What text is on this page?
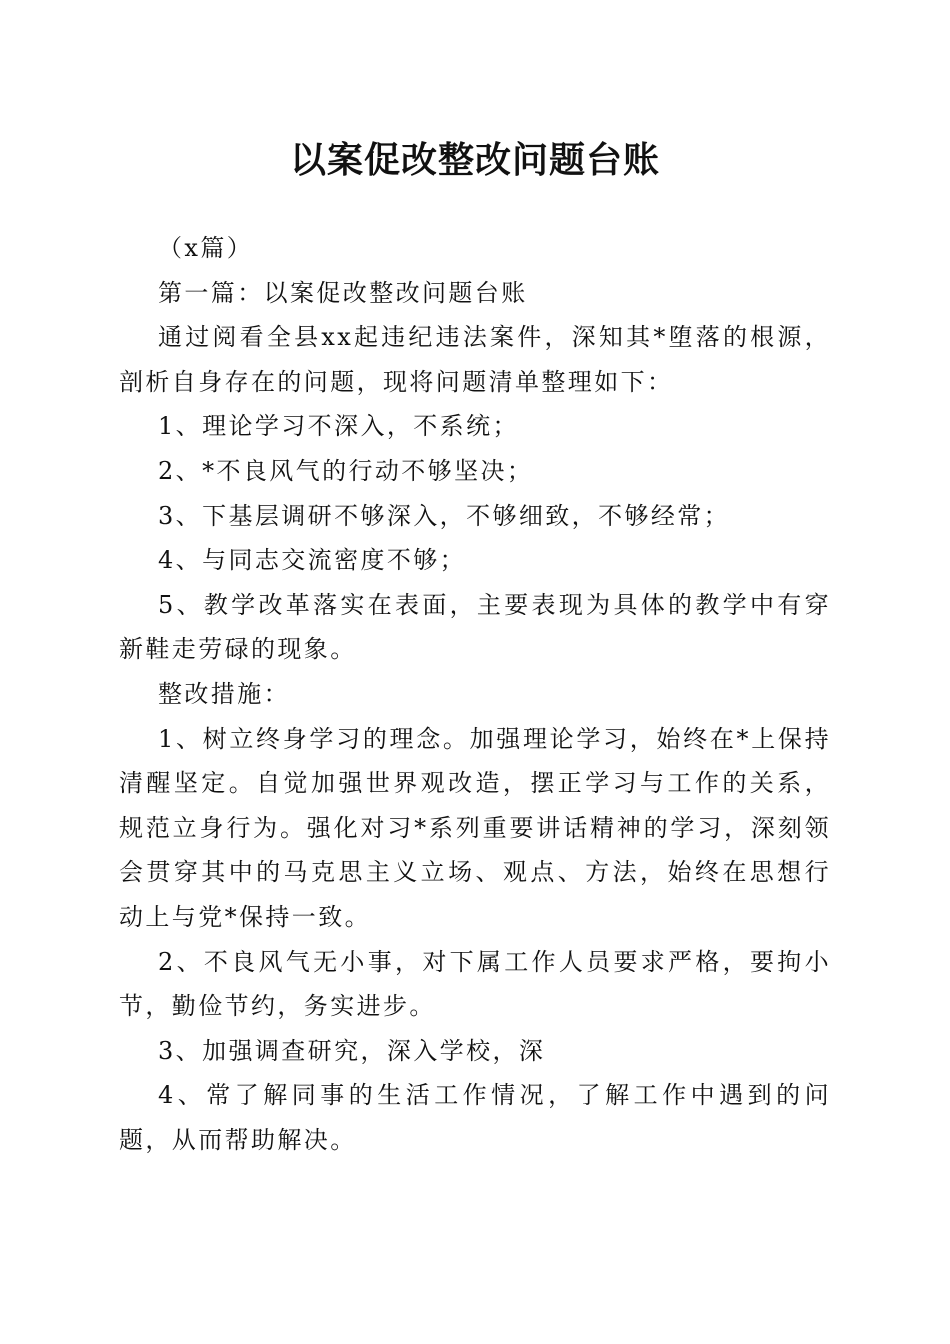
以案促改整改问题台账

（x篇）

第一篇：以案促改整改问题台账

通过阅看全县xx起违纪违法案件，深知其*堕落的根源，剖析自身存在的问题，现将问题清单整理如下：

1、理论学习不深入，不系统；

2、*不良风气的行动不够坚决；

3、下基层调研不够深入，不够细致，不够经常；

4、与同志交流密度不够；

5、教学改革落实在表面，主要表现为具体的教学中有穿新鞋走劳碌的现象。

整改措施：

1、树立终身学习的理念。加强理论学习，始终在*上保持清醒坚定。自觉加强世界观改造，摆正学习与工作的关系，规范立身行为。强化对习*系列重要讲话精神的学习，深刻领会贯穿其中的马克思主义立场、观点、方法，始终在思想行动上与党*保持一致。

2、不良风气无小事，对下属工作人员要求严格，要拘小节，勤俭节约，务实进步。

3、加强调查研究，深入学校，深

4、常了解同事的生活工作情况，了解工作中遇到的问题，从而帮助解决。
